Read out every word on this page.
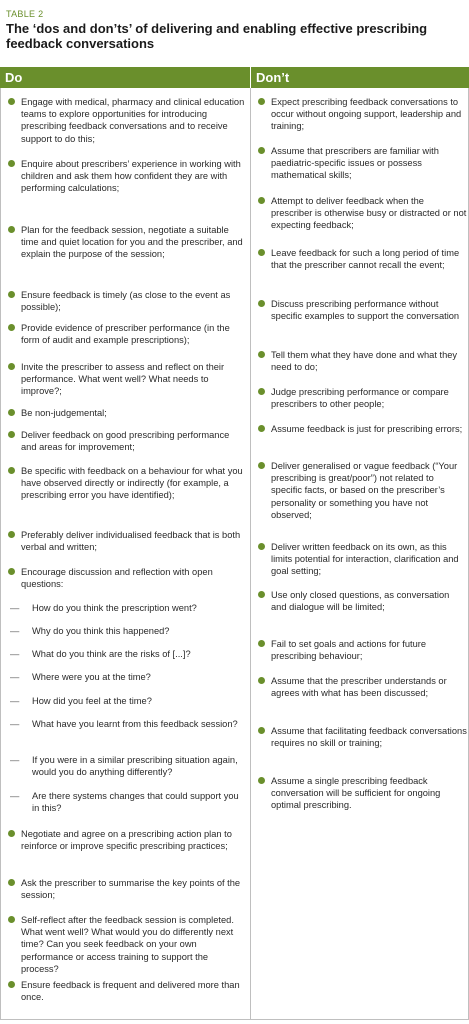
TABLE 2
The ‘dos and don’ts’ of delivering and enabling effective prescribing feedback conversations
Do	Don’t
Engage with medical, pharmacy and clinical education teams to explore opportunities for introducing prescribing feedback conversations and to receive support to do this;
Enquire about prescribers’ experience in working with children and ask them how confident they are with performing calculations;
Plan for the feedback session, negotiate a suitable time and quiet location for you and the prescriber, and explain the purpose of the session;
Ensure feedback is timely (as close to the event as possible);
Provide evidence of prescriber performance (in the form of audit and example prescriptions);
Invite the prescriber to assess and reflect on their performance. What went well? What needs to improve?;
Be non-judgemental;
Deliver feedback on good prescribing performance and areas for improvement;
Be specific with feedback on a behaviour for what you have observed directly or indirectly (for example, a prescribing error you have identified);
Preferably deliver individualised feedback that is both verbal and written;
Encourage discussion and reflection with open questions:
— How do you think the prescription went?
— Why do you think this happened?
— What do you think are the risks of [...]?
— Where were you at the time?
— How did you feel at the time?
— What have you learnt from this feedback session?
— If you were in a similar prescribing situation again, would you do anything differently?
— Are there systems changes that could support you in this?
Negotiate and agree on a prescribing action plan to reinforce or improve specific prescribing practices;
Ask the prescriber to summarise the key points of the session;
Self-reflect after the feedback session is completed. What went well? What would you do differently next time? Can you seek feedback on your own performance or access training to support the process?
Ensure feedback is frequent and delivered more than once.
Expect prescribing feedback conversations to occur without ongoing support, leadership and training;
Assume that prescribers are familiar with paediatric-specific issues or possess mathematical skills;
Attempt to deliver feedback when the prescriber is otherwise busy or distracted or not expecting feedback;
Leave feedback for such a long period of time that the prescriber cannot recall the event;
Discuss prescribing performance without specific examples to support the conversation
Tell them what they have done and what they need to do;
Judge prescribing performance or compare prescribers to other people;
Assume feedback is just for prescribing errors;
Deliver generalised or vague feedback (“Your prescribing is great/poor”) not related to specific facts, or based on the prescriber’s personality or something you have not observed;
Deliver written feedback on its own, as this limits potential for interaction, clarification and goal setting;
Use only closed questions, as conversation and dialogue will be limited;
Fail to set goals and actions for future prescribing behaviour;
Assume that the prescriber understands or agrees with what has been discussed;
Assume that facilitating feedback conversations requires no skill or training;
Assume a single prescribing feedback conversation will be sufficient for ongoing optimal prescribing.
